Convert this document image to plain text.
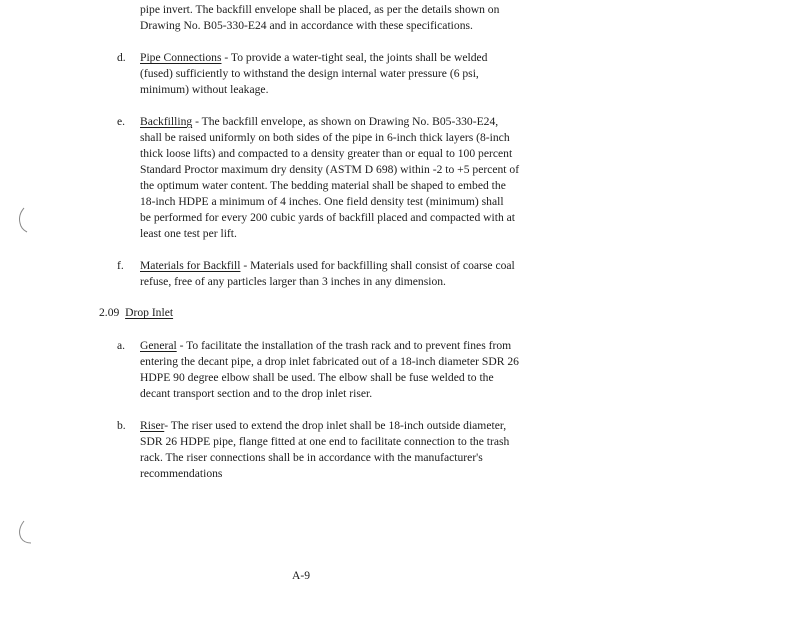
pipe invert. The backfill envelope shall be placed, as per the details shown on
Drawing No. B05-330-E24 and in accordance with these specifications.
d. Pipe Connections - To provide a water-tight seal, the joints shall be welded
(fused) sufficiently to withstand the design internal water pressure (6 psi,
minimum) without leakage.
e. Backfilling - The backfill envelope, as shown on Drawing No. B05-330-E24,
shall be raised uniformly on both sides of the pipe in 6-inch thick layers (8-inch
thick loose lifts) and compacted to a density greater than or equal to 100 percent
Standard Proctor maximum dry density (ASTM D 698) within -2 to +5 percent of
the optimum water content. The bedding material shall be shaped to embed the
18-inch HDPE a minimum of 4 inches. One field density test (minimum) shall
be performed for every 200 cubic yards of backfill placed and compacted with at
least one test per lift.
f. Materials for Backfill - Materials used for backfilling shall consist of coarse coal
refuse, free of any particles larger than 3 inches in any dimension.
2.09 Drop Inlet
a. General - To facilitate the installation of the trash rack and to prevent fines from
entering the decant pipe, a drop inlet fabricated out of a 18-inch diameter SDR 26
HDPE 90 degree elbow shall be used. The elbow shall be fuse welded to the
decant transport section and to the drop inlet riser.
b. Riser- The riser used to extend the drop inlet shall be 18-inch outside diameter,
SDR 26 HDPE pipe, flange fitted at one end to facilitate connection to the trash
rack. The riser connections shall be in accordance with the manufacturer's
recommendations
A-9
